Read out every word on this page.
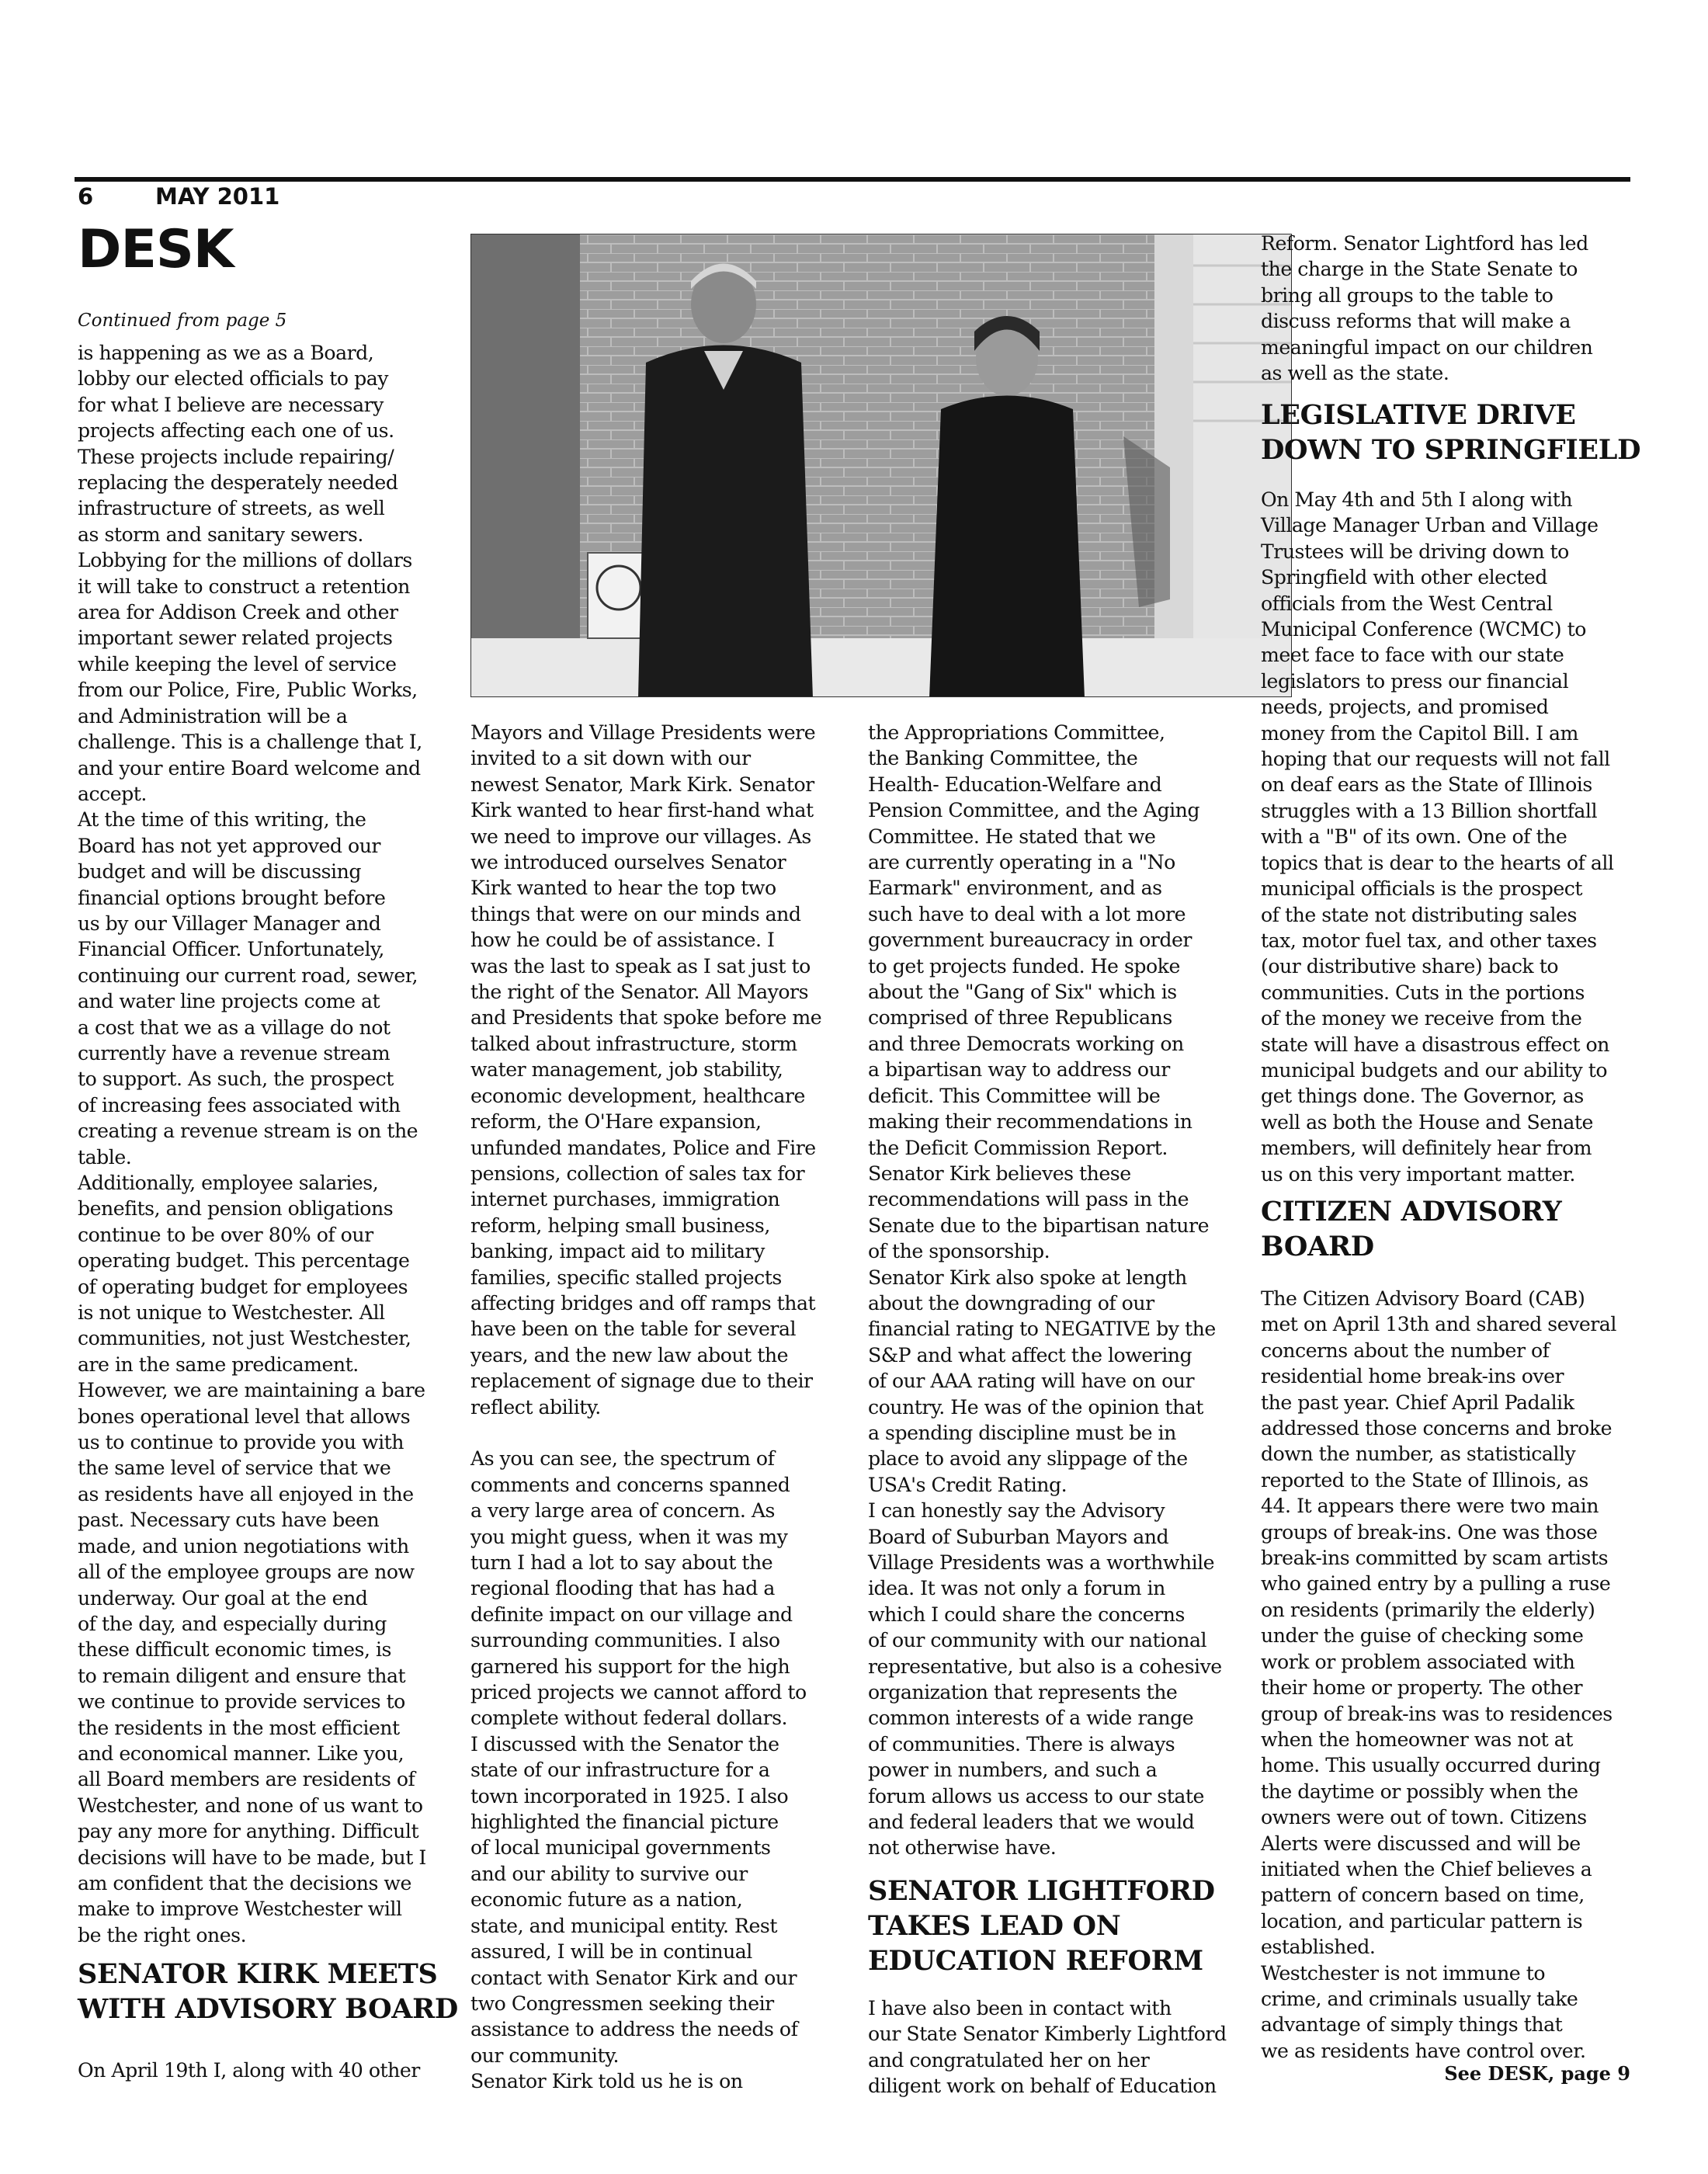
6	MAY 2011
DESK
Continued from page 5
is happening as we as a Board,
lobby our elected officials to pay
for what I believe are necessary
projects affecting each one of us.
These projects include repairing/
replacing the desperately needed
infrastructure of streets, as well
as storm and sanitary sewers.
Lobbying for the millions of dollars
it will take to construct a retention
area for Addison Creek and other
important sewer related projects
while keeping the level of service
from our Police, Fire, Public Works,
and Administration will be a
challenge. This is a challenge that I,
and your entire Board welcome and
accept.
At the time of this writing, the
Board has not yet approved our
budget and will be discussing
financial options brought before
us by our Villager Manager and
Financial Officer. Unfortunately,
continuing our current road, sewer,
and water line projects come at
a cost that we as a village do not
currently have a revenue stream
to support. As such, the prospect
of increasing fees associated with
creating a revenue stream is on the
table.
Additionally, employee salaries,
benefits, and pension obligations
continue to be over 80% of our
operating budget. This percentage
of operating budget for employees
is not unique to Westchester. All
communities, not just Westchester,
are in the same predicament.
However, we are maintaining a bare
bones operational level that allows
us to continue to provide you with
the same level of service that we
as residents have all enjoyed in the
past. Necessary cuts have been
made, and union negotiations with
all of the employee groups are now
underway. Our goal at the end
of the day, and especially during
these difficult economic times, is
to remain diligent and ensure that
we continue to provide services to
the residents in the most efficient
and economical manner. Like you,
all Board members are residents of
Westchester, and none of us want to
pay any more for anything. Difficult
decisions will have to be made, but I
am confident that the decisions we
make to improve Westchester will
be the right ones.
SENATOR KIRK MEETS
WITH ADVISORY BOARD
On April 19th I, along with 40 other
Mayors and Village Presidents were
invited to a sit down with our
newest Senator, Mark Kirk. Senator
Kirk wanted to hear first-hand what
we need to improve our villages. As
we introduced ourselves Senator
Kirk wanted to hear the top two
things that were on our minds and
how he could be of assistance. I
was the last to speak as I sat just to
the right of the Senator. All Mayors
and Presidents that spoke before me
talked about infrastructure, storm
water management, job stability,
economic development, healthcare
reform, the O'Hare expansion,
unfunded mandates, Police and Fire
pensions, collection of sales tax for
internet purchases, immigration
reform, helping small business,
banking, impact aid to military
families, specific stalled projects
affecting bridges and off ramps that
have been on the table for several
years, and the new law about the
replacement of signage due to their
reflect ability.

As you can see, the spectrum of
comments and concerns spanned
a very large area of concern. As
you might guess, when it was my
turn I had a lot to say about the
regional flooding that has had a
definite impact on our village and
surrounding communities. I also
garnered his support for the high
priced projects we cannot afford to
complete without federal dollars.
I discussed with the Senator the
state of our infrastructure for a
town incorporated in 1925. I also
highlighted the financial picture
of local municipal governments
and our ability to survive our
economic future as a nation,
state, and municipal entity. Rest
assured, I will be in continual
contact with Senator Kirk and our
two Congressmen seeking their
assistance to address the needs of
our community.
Senator Kirk told us he is on
the Appropriations Committee,
the Banking Committee, the
Health- Education-Welfare and
Pension Committee, and the Aging
Committee. He stated that we
are currently operating in a "No
Earmark" environment, and as
such have to deal with a lot more
government bureaucracy in order
to get projects funded. He spoke
about the "Gang of Six" which is
comprised of three Republicans
and three Democrats working on
a bipartisan way to address our
deficit. This Committee will be
making their recommendations in
the Deficit Commission Report.
Senator Kirk believes these
recommendations will pass in the
Senate due to the bipartisan nature
of the sponsorship.
Senator Kirk also spoke at length
about the downgrading of our
financial rating to NEGATIVE by the
S&P and what affect the lowering
of our AAA rating will have on our
country. He was of the opinion that
a spending discipline must be in
place to avoid any slippage of the
USA's Credit Rating.
I can honestly say the Advisory
Board of Suburban Mayors and
Village Presidents was a worthwhile
idea. It was not only a forum in
which I could share the concerns
of our community with our national
representative, but also is a cohesive
organization that represents the
common interests of a wide range
of communities. There is always
power in numbers, and such a
forum allows us access to our state
and federal leaders that we would
not otherwise have.
SENATOR LIGHTFORD
TAKES LEAD ON
EDUCATION REFORM
I have also been in contact with
our State Senator Kimberly Lightford
and congratulated her on her
diligent work on behalf of Education
Reform. Senator Lightford has led
the charge in the State Senate to
bring all groups to the table to
discuss reforms that will make a
meaningful impact on our children
as well as the state.
LEGISLATIVE DRIVE
DOWN TO SPRINGFIELD
On May 4th and 5th I along with
Village Manager Urban and Village
Trustees will be driving down to
Springfield with other elected
officials from the West Central
Municipal Conference (WCMC) to
meet face to face with our state
legislators to press our financial
needs, projects, and promised
money from the Capitol Bill. I am
hoping that our requests will not fall
on deaf ears as the State of Illinois
struggles with a 13 Billion shortfall
with a "B" of its own. One of the
topics that is dear to the hearts of all
municipal officials is the prospect
of the state not distributing sales
tax, motor fuel tax, and other taxes
(our distributive share) back to
communities. Cuts in the portions
of the money we receive from the
state will have a disastrous effect on
municipal budgets and our ability to
get things done. The Governor, as
well as both the House and Senate
members, will definitely hear from
us on this very important matter.
CITIZEN ADVISORY
BOARD
The Citizen Advisory Board (CAB)
met on April 13th and shared several
concerns about the number of
residential home break-ins over
the past year. Chief April Padalik
addressed those concerns and broke
down the number, as statistically
reported to the State of Illinois, as
44. It appears there were two main
groups of break-ins. One was those
break-ins committed by scam artists
who gained entry by a pulling a ruse
on residents (primarily the elderly)
under the guise of checking some
work or problem associated with
their home or property. The other
group of break-ins was to residences
when the homeowner was not at
home. This usually occurred during
the daytime or possibly when the
owners were out of town. Citizens
Alerts were discussed and will be
initiated when the Chief believes a
pattern of concern based on time,
location, and particular pattern is
established.
Westchester is not immune to
crime, and criminals usually take
advantage of simply things that
we as residents have control over.
See DESK, page 9
